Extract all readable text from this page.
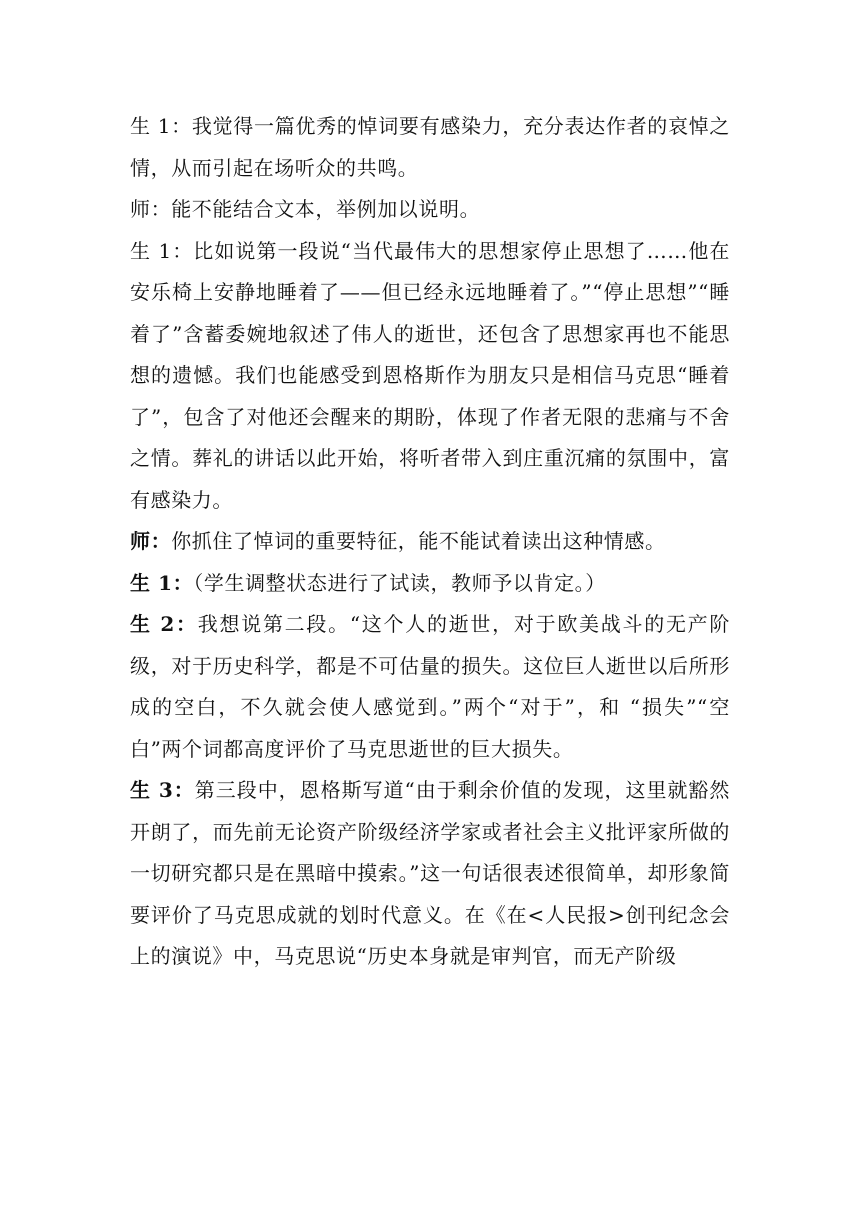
生 1：我觉得一篇优秀的悼词要有感染力，充分表达作者的哀悼之情，从而引起在场听众的共鸣。

师：能不能结合文本，举例加以说明。

生 1：比如说第一段说“当代最伟大的思想家停止思想了……他在安乐椅上安静地睡着了——但已经永远地睡着了。”“停止思想”“睡着了”含蓄委婉地叙述了伟人的逝世，还包含了思想家再也不能思想的遗憾。我们也能感受到恩格斯作为朋友只是相信马克思“睡着了”，包含了对他还会醒来的期盼，体现了作者无限的悲痛与不舍之情。葬礼的讲话以此开始，将听者带入到庄重沉痛的氛围中，富有感染力。

师：你抓住了悼词的重要特征，能不能试着读出这种情感。

生 1：（学生调整状态进行了试读，教师予以肯定。）

生 2：我想说第二段。“这个人的逝世，对于欧美战斗的无产阶级，对于历史科学，都是不可估量的损失。这位巨人逝世以后所形成的空白，不久就会使人感觉到。”两个“对于”，和 “损失”“空白”两个词都高度评价了马克思逝世的巨大损失。

生 3：第三段中，恩格斯写道“由于剩余价值的发现，这里就豁然开朗了，而先前无论资产阶级经济学家或者社会主义批评家所做的一切研究都只是在黑暗中摸索。”这一句话很表述很简单，却形象简要评价了马克思成就的划时代意义。在《在<人民报>创刊纪念会上的演说》中，马克思说“历史本身就是审判官，而无产阶级
